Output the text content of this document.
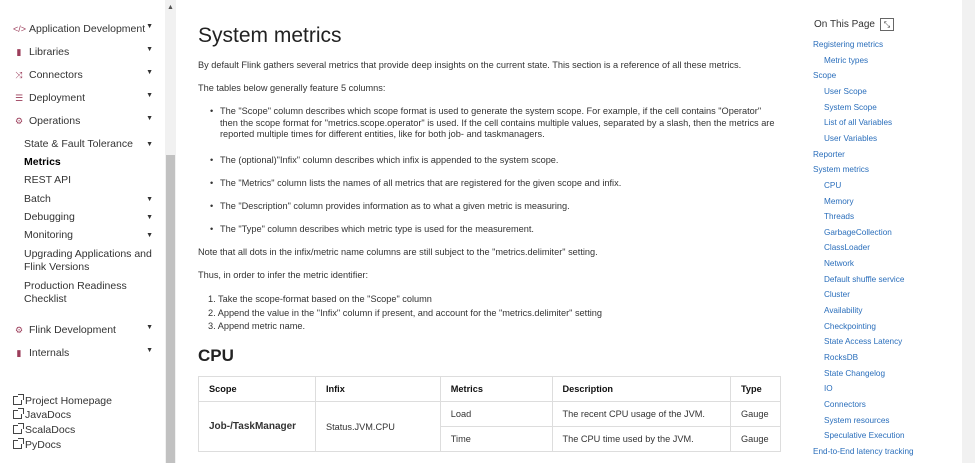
</> Application Development ▼
▮ Libraries	▼
⤨ Connectors	▼
☰ Deployment	▼
⚙ Operations	▼
State & Fault Tolerance ▼
Metrics
REST API
Batch	▼
Debugging	▼
Monitoring	▼
Upgrading Applications and Flink Versions
Production Readiness Checklist
⚙ Flink Development	▼
▮ Internals	▼
Project Homepage
JavaDocs
ScalaDocs
PyDocs
▲
System metrics

By default Flink gathers several metrics that provide deep insights on the current state. This section is a reference of all these metrics.

The tables below generally feature 5 columns:

• The "Scope" column describes which scope format is used to generate the system scope. For example, if the cell contains "Operator" then the scope format for "metrics.scope.operator" is used. If the cell contains multiple values, separated by a slash, then the metrics are reported multiple times for different entities, like for both job- and taskmanagers.

• The (optional)"Infix" column describes which infix is appended to the system scope.

• The "Metrics" column lists the names of all metrics that are registered for the given scope and infix.

• The "Description" column provides information as to what a given metric is measuring.

• The "Type" column describes which metric type is used for the measurement.

Note that all dots in the infix/metric name columns are still subject to the "metrics.delimiter" setting.

Thus, in order to infer the metric identifier:

1. Take the scope-format based on the "Scope" column
2. Append the value in the "Infix" column if present, and account for the "metrics.delimiter" setting
3. Append metric name.
CPU
Scope	Infix	Metrics	Description	Type
Job-/TaskManager	Status.JVM.CPU	Load	The recent CPU usage of the JVM.	Gauge
		Time	The CPU time used by the JVM.	Gauge
On This Page	⤡
Registering metrics
Metric types
Scope
User Scope
System Scope
List of all Variables
User Variables
Reporter
System metrics
CPU
Memory
Threads
GarbageCollection
ClassLoader
Network
Default shuffle service
Cluster
Availability
Checkpointing
State Access Latency
RocksDB
State Changelog
IO
Connectors
System resources
Speculative Execution
End-to-End latency tracking
